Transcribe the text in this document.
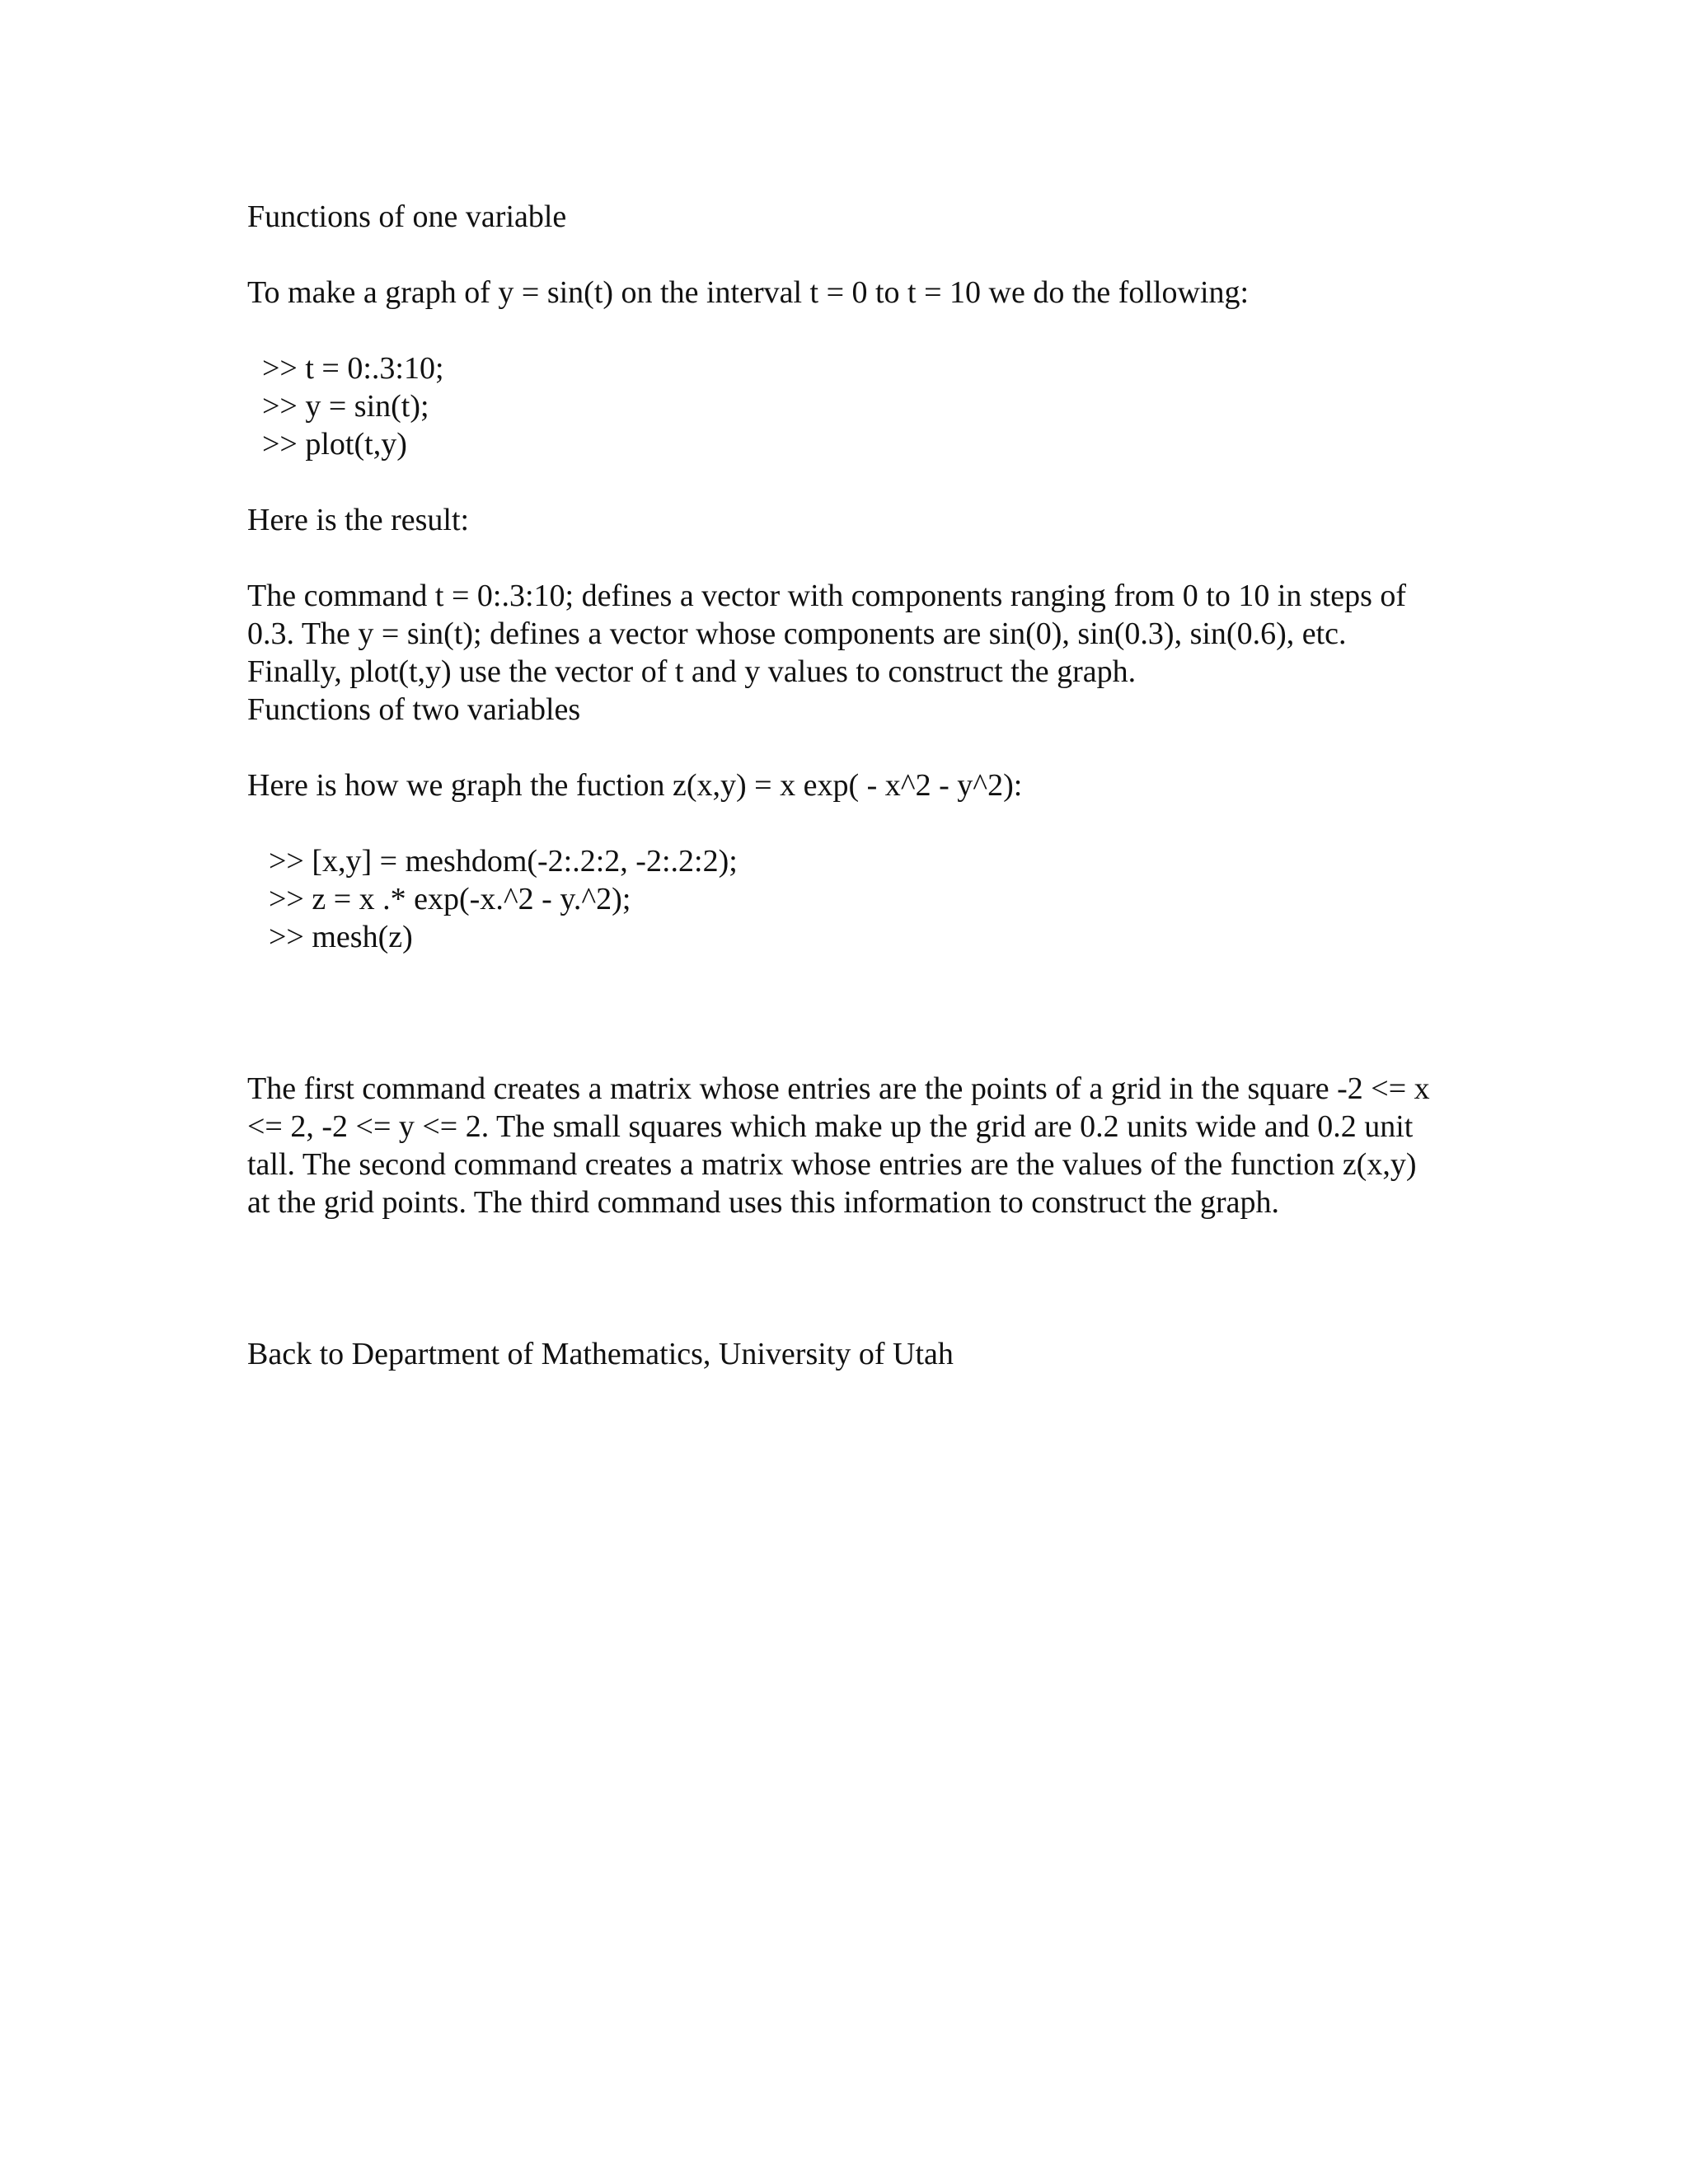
Functions of one variable

To make a graph of y = sin(t) on the interval t = 0 to t = 10 we do the following:

>> t = 0:.3:10;

>> y = sin(t);

>> plot(t,y)

Here is the result:

The command t = 0:.3:10; defines a vector with components ranging from 0 to 10 in steps of 0.3. The y = sin(t); defines a vector whose components are sin(0), sin(0.3), sin(0.6), etc. Finally, plot(t,y) use the vector of t and y values to construct the graph.

Functions of two variables

Here is how we graph the fuction z(x,y) = x exp( - x^2 - y^2):

>> [x,y] = meshdom(-2:.2:2, -2:.2:2);

>> z = x .* exp(-x.^2 - y.^2);

>> mesh(z)

The first command creates a matrix whose entries are the points of a grid in the square -2 <= x <= 2, -2 <= y <= 2. The small squares which make up the grid are 0.2 units wide and 0.2 unit tall. The second command creates a matrix whose entries are the values of the function z(x,y) at the grid points. The third command uses this information to construct the graph.

Back to Department of Mathematics, University of Utah
